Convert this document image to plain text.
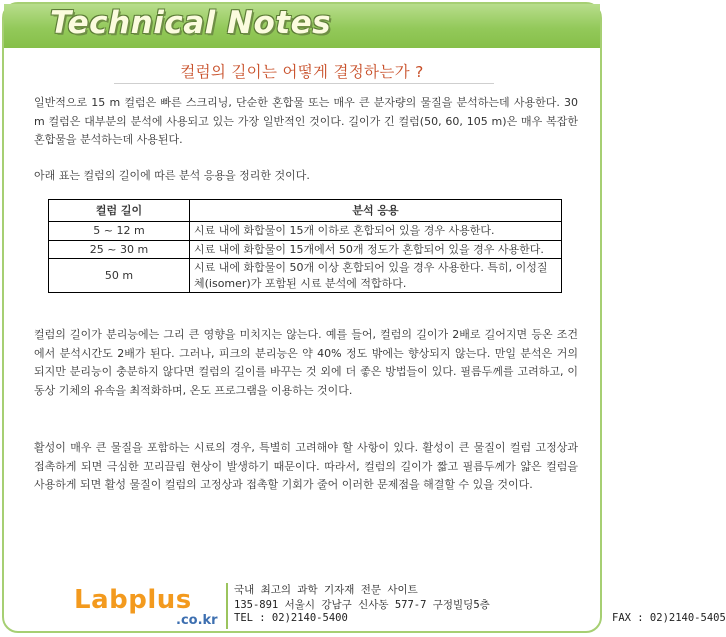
Technical Notes
컬럼의 길이는 어떻게 결정하는가 ?
일반적으로 15 m 컬럼은 빠른 스크리닝, 단순한 혼합물 또는 매우 큰 분자량의 물질을 분석하는데 사용한다. 30 m 컬럼은 대부분의 분석에 사용되고 있는 가장 일반적인 것이다. 길이가 긴 컬럼(50, 60, 105 m)은 매우 복잡한 혼합물을 분석하는데 사용된다.
아래 표는 컬럼의 길이에 따른 분석 응용을 정리한 것이다.
컬럼 길이	분석 응용
5 ~ 12 m	시료 내에 화합물이 15개 이하로 혼합되어 있을 경우 사용한다.
25 ~ 30 m	시료 내에 화합물이 15개에서 50개 정도가 혼합되어 있을 경우 사용한다.
50 m	시료 내에 화합물이 50개 이상 혼합되어 있을 경우 사용한다. 특히, 이성질체(isomer)가 포함된 시료 분석에 적합하다.
컬럼의 길이가 분리능에는 그리 큰 영향을 미치지는 않는다. 예를 들어, 컬럼의 길이가 2배로 길어지면 등온 조건에서 분석시간도 2배가 된다. 그러나, 피크의 분리능은 약 40% 정도 밖에는 향상되지 않는다. 만일 분석은 거의 되지만 분리능이 충분하지 않다면 컬럼의 길이를 바꾸는 것 외에 더 좋은 방법들이 있다. 필름두께를 고려하고, 이동상 기체의 유속을 최적화하며, 온도 프로그램을 이용하는 것이다.
활성이 매우 큰 물질을 포함하는 시료의 경우, 특별히 고려해야 할 사항이 있다. 활성이 큰 물질이 컬럼 고정상과 접촉하게 되면 극심한 꼬리끌림 현상이 발생하기 때문이다. 따라서, 컬럼의 길이가 짧고 필름두께가 얇은 컬럼을 사용하게 되면 활성 물질이 컬럼의 고정상과 접촉할 기회가 줄어 이러한 문제점을 해결할 수 있을 것이다.
Labplus
.co.kr
국내 최고의 과학 기자재 전문 사이트
135-891 서울시 강남구 신사동 577-7 구정빌딩5층
TEL : 02)2140-5400	FAX : 02)2140-5405
